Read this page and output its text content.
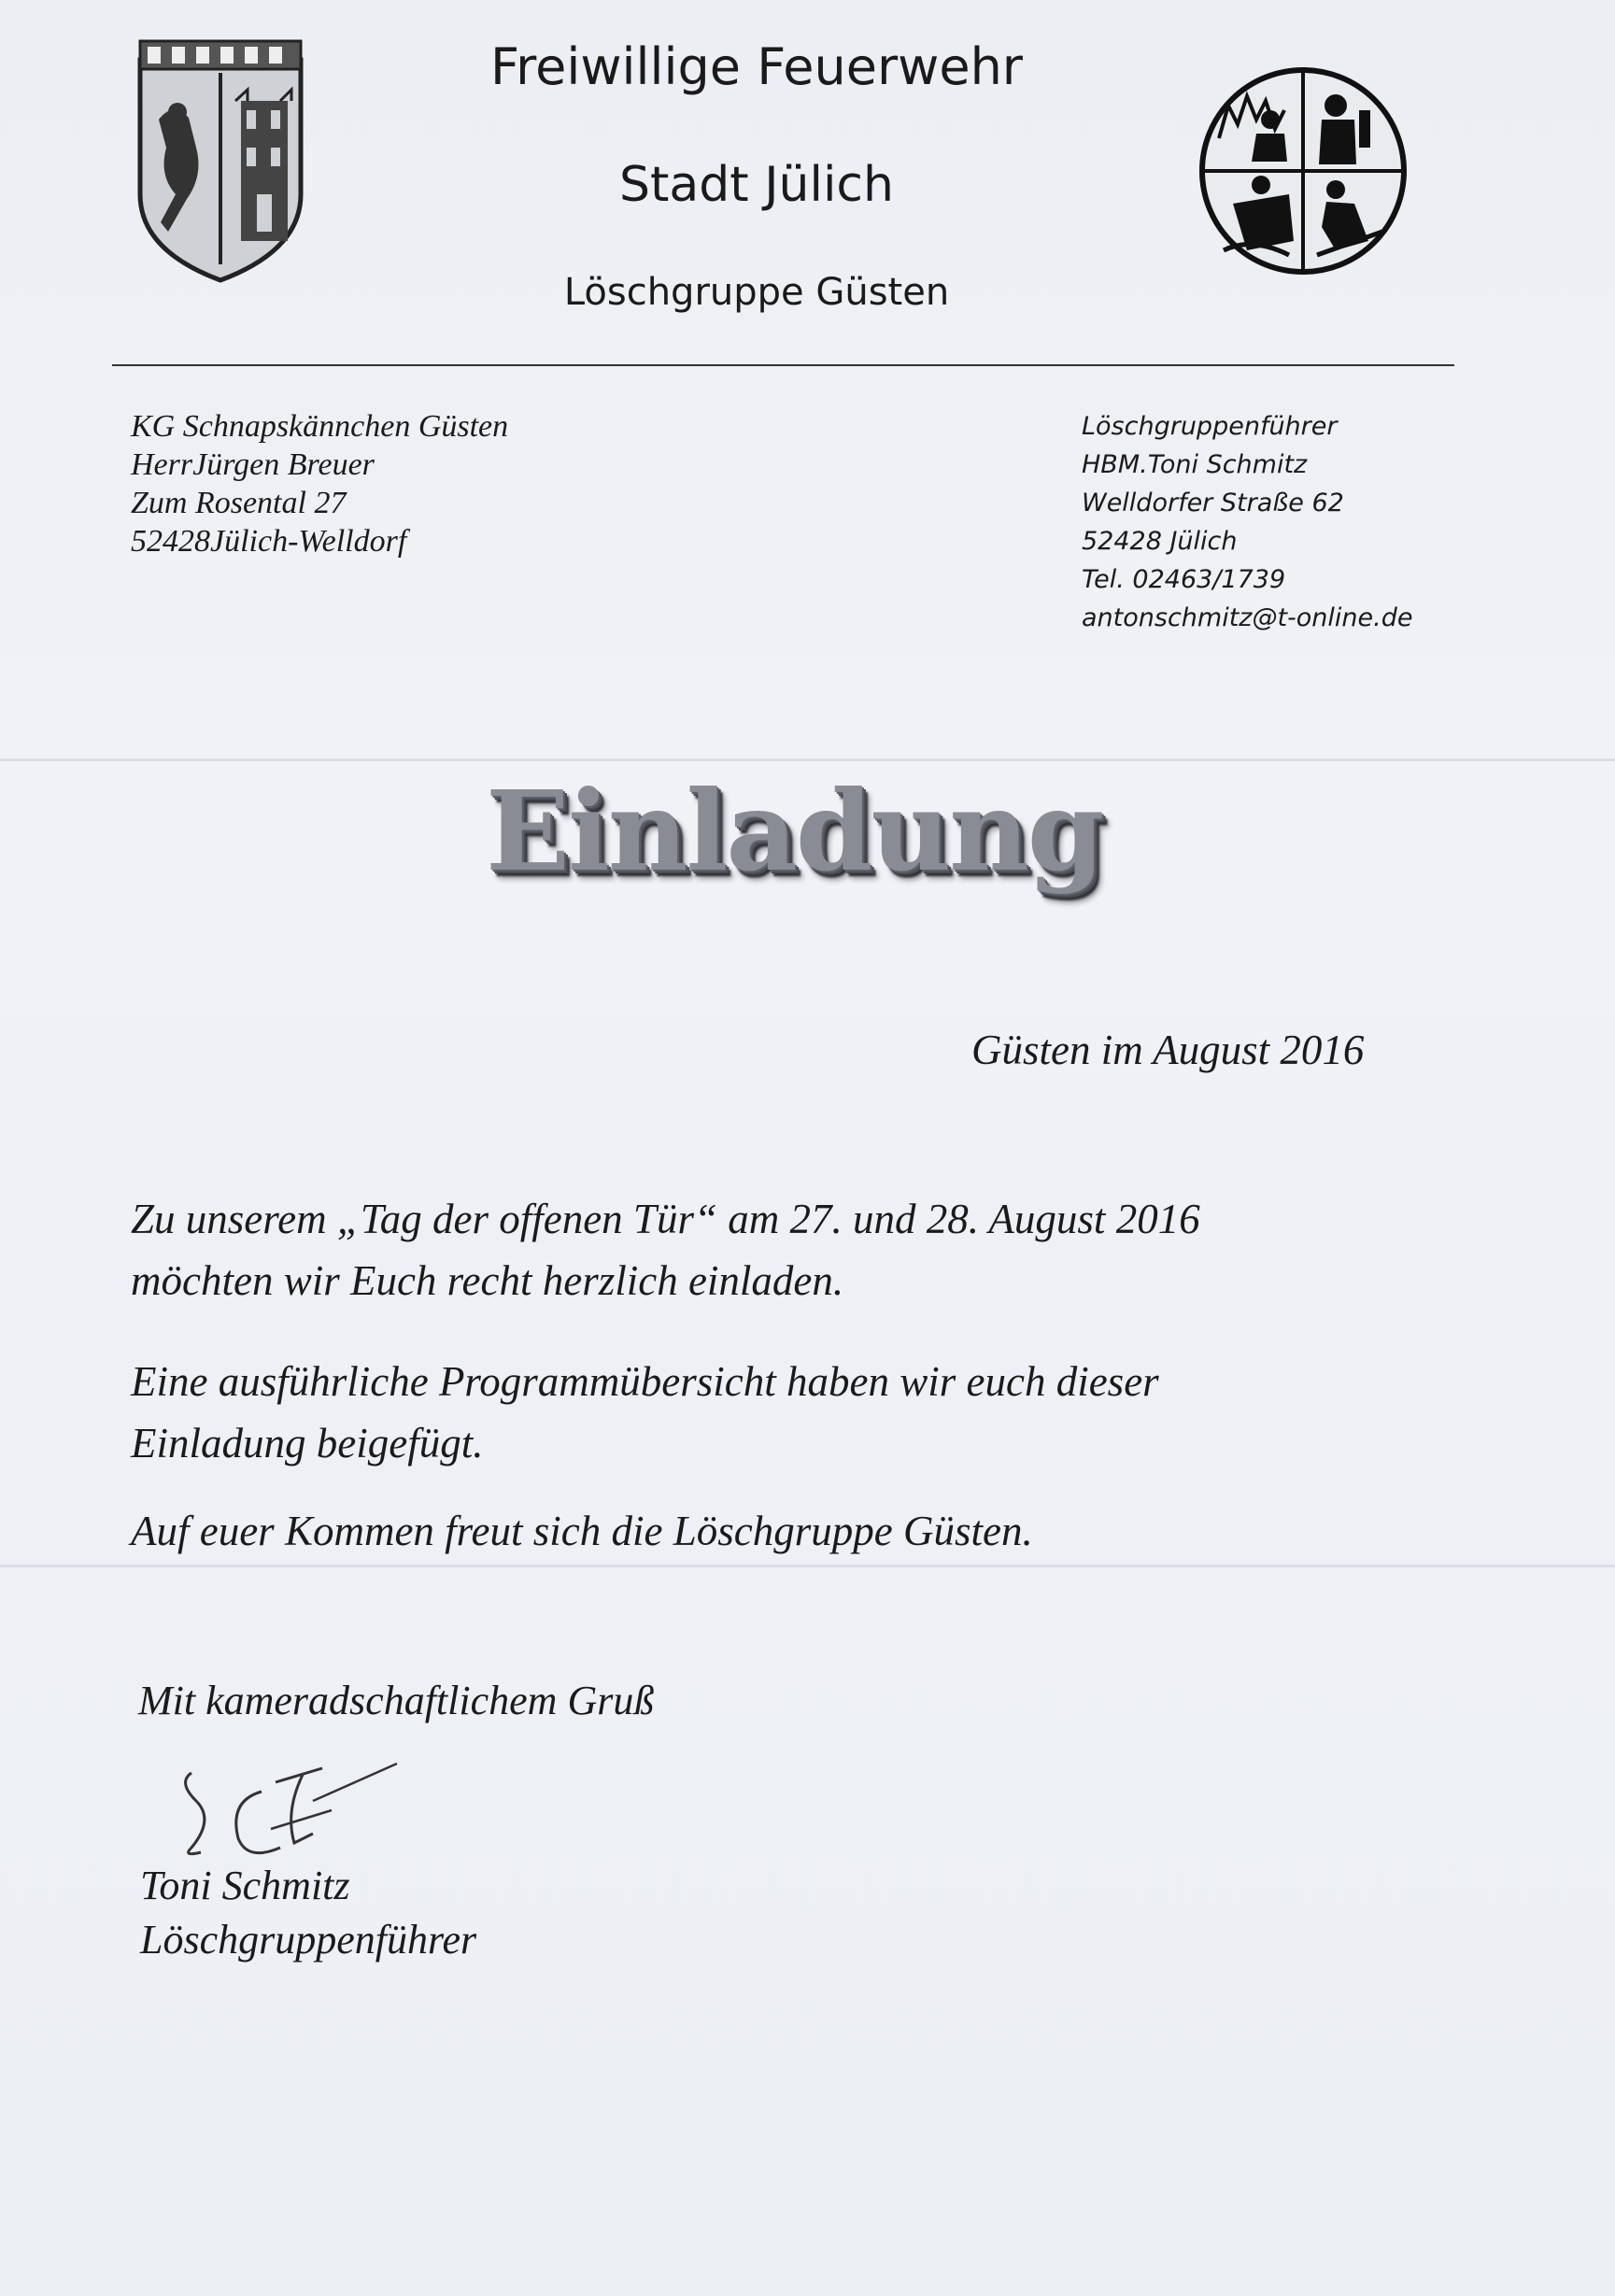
Freiwillige Feuerwehr
Stadt Jülich
Löschgruppe Güsten
KG Schnapskännchen Güsten
HerrJürgen Breuer
Zum Rosental 27
52428Jülich-Welldorf
Löschgruppenführer
HBM.Toni Schmitz
Welldorfer Straße 62
52428 Jülich
Tel. 02463/1739
antonschmitz@t-online.de
Einladung
Güsten im August 2016
Zu unserem „Tag der offenen Tür“ am 27. und 28. August 2016
möchten wir Euch recht herzlich einladen.
Eine ausführliche Programmübersicht haben wir euch dieser
Einladung beigefügt.
Auf euer Kommen freut sich die Löschgruppe Güsten.
Mit kameradschaftlichem Gruß
Toni Schmitz
Löschgruppenführer
